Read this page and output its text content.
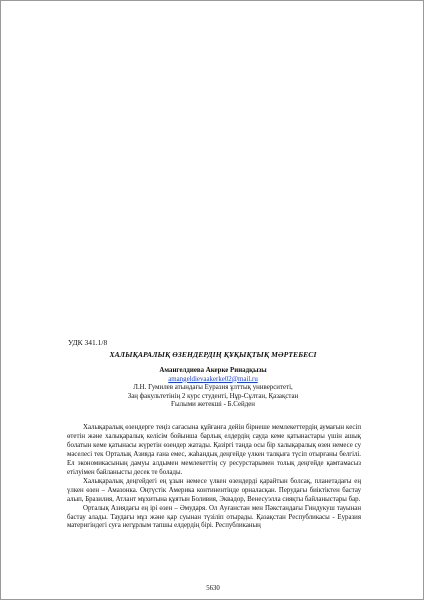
УДК 341.1/8
ХАЛЫҚАРАЛЫҚ ӨЗЕНДЕРДІҢ ҚҰҚЫҚТЫҚ МӘРТЕБЕСІ
Амангелдиева Акерке Ринадқызы
amangeldievaakerke02@mail.ru
Л.Н. Гумилев атындағы Еуразия ұлттық университеті,
Заң факультетінің 2 курс студенті, Нұр-Сұлтан, Қазақстан
Ғылыми жетекші - Б.Сейден

Халықаралық өзендерге теңіз сағасына құйғанға дейін бірнеше мемлекеттердің аумағын кесіп өтетін және халықаралық келісім бойынша барлық елдердің сауда кеме қатынастары үшін ашық болатын кеме қатынасы жүретін өзендер жатады. Қазіргі таңда осы бір халықаралық өзен немесе су мәселесі тек Орталық Азияда ғана емес, жаһандық деңгейде үлкен талқыға түсіп отырғаны белгілі. Ел экономикасының дамуы алдымен мемлекеттің су ресурстарымен толық деңгейде қамтамасыз етілуімен байланысты десек те болады.

Халықаралық деңгейдегі ең ұзын немесе үлкен өзендерді қарайтын болсақ, планетадағы ең үлкен өзен – Амазонка. Оңтүстік Америка континентінде орналасқан. Перудағы биіктіктен бастау алып, Бразилия, Атлант мұхитына құятын Боливия, Эквадор, Венесуэлла сияқты байланыстары бар.

Орталық Азиядағы ең ірі өзен – Әмударя. Ол Ауғанстан мен Пәкстандағы Гиндукуш тауынан бастау алады. Таудағы мұз және қар суынан түзіліп отырады. Қазақстан Республикасы - Еуразия материгіндегі суға негұрлым тапшы елдердің бірі. Республиканың

5630
